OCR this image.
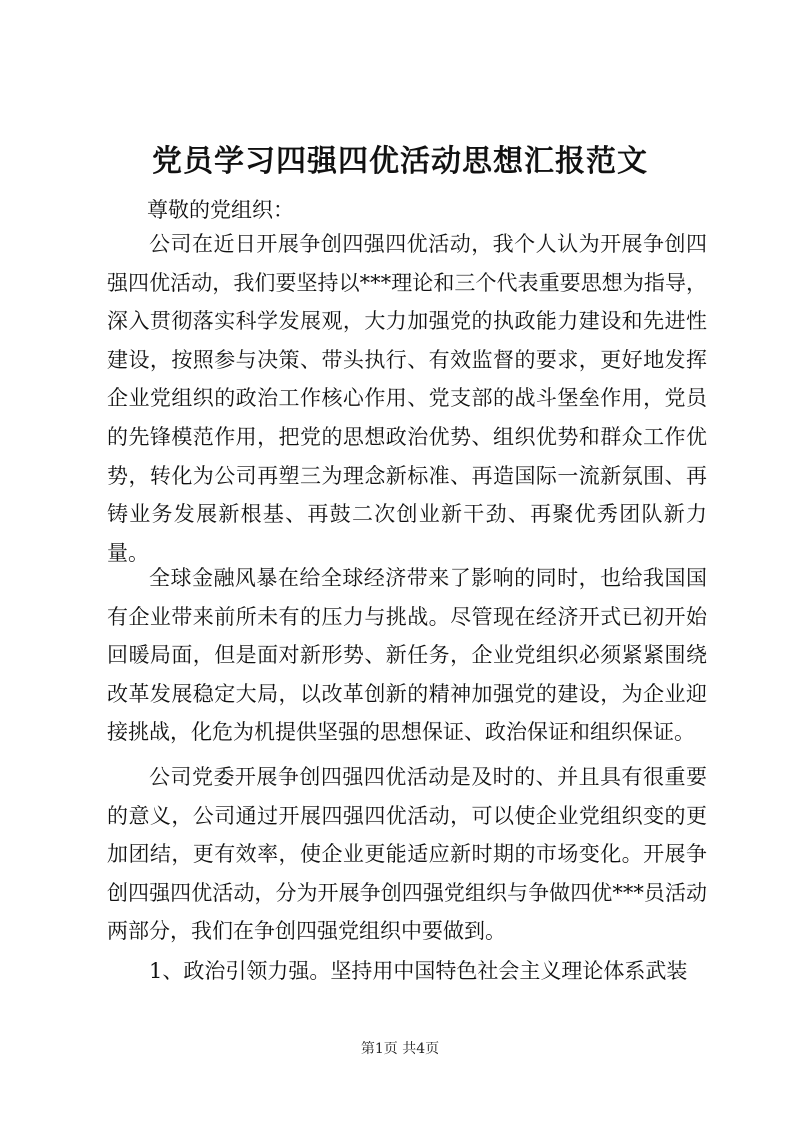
党员学习四强四优活动思想汇报范文
尊敬的党组织：

公司在近日开展争创四强四优活动，我个人认为开展争创四强四优活动，我们要坚持以***理论和三个代表重要思想为指导，深入贯彻落实科学发展观，大力加强党的执政能力建设和先进性建设，按照参与决策、带头执行、有效监督的要求，更好地发挥企业党组织的政治工作核心作用、党支部的战斗堡垒作用，党员的先锋模范作用，把党的思想政治优势、组织优势和群众工作优势，转化为公司再塑三为理念新标准、再造国际一流新氛围、再铸业务发展新根基、再鼓二次创业新干劲、再聚优秀团队新力量。

全球金融风暴在给全球经济带来了影响的同时，也给我国国有企业带来前所未有的压力与挑战。尽管现在经济开式已初开始回暖局面，但是面对新形势、新任务，企业党组织必须紧紧围绕改革发展稳定大局，以改革创新的精神加强党的建设，为企业迎接挑战，化危为机提供坚强的思想保证、政治保证和组织保证。

公司党委开展争创四强四优活动是及时的、并且具有很重要的意义，公司通过开展四强四优活动，可以使企业党组织变的更加团结，更有效率，使企业更能适应新时期的市场变化。开展争创四强四优活动，分为开展争创四强党组织与争做四优***员活动两部分，我们在争创四强党组织中要做到。

1、政治引领力强。坚持用中国特色社会主义理论体系武装

第1页 共4页
